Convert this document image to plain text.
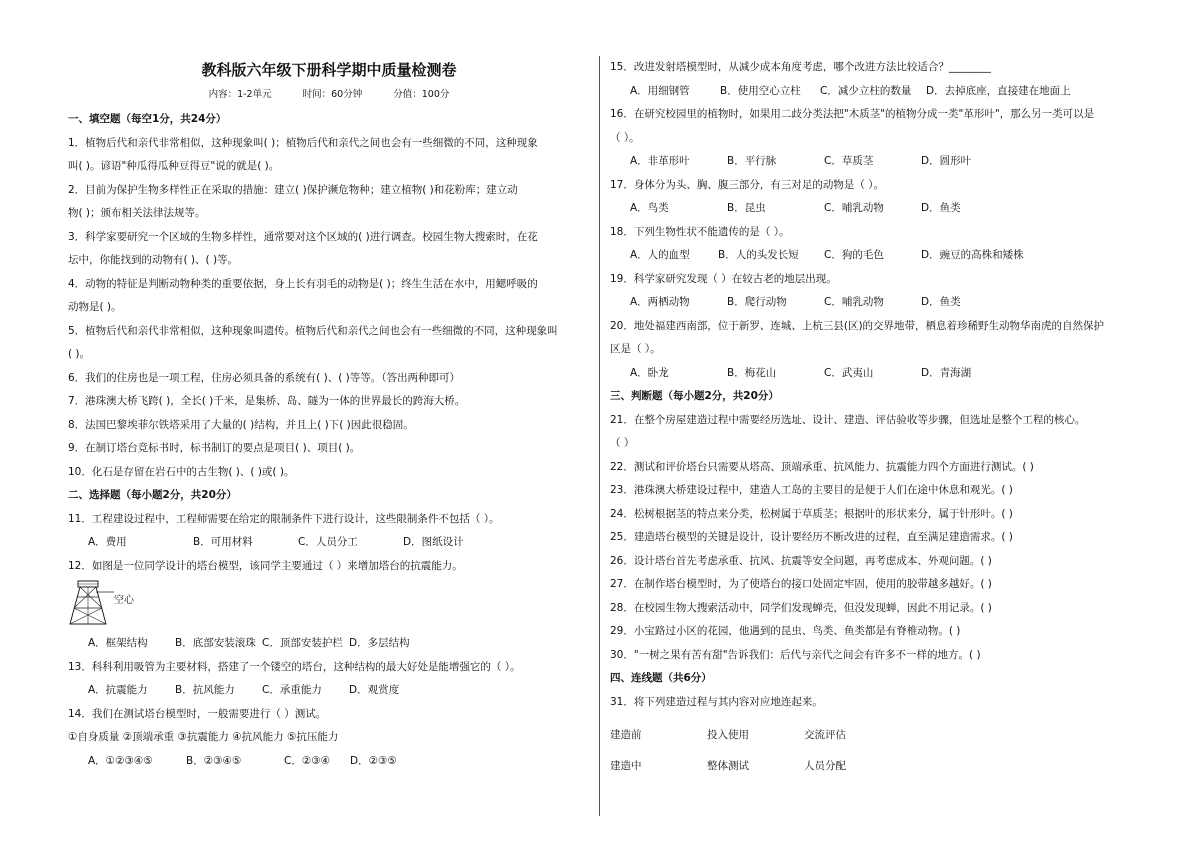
教科版六年级下册科学期中质量检测卷
内容：1-2单元	时间：60分钟	分值：100分
一、填空题（每空1分，共24分）
1．植物后代和亲代非常相似，这种现象叫( )；植物后代和亲代之间也会有一些细微的不同，这种现象
叫( )。谚语"种瓜得瓜种豆得豆"说的就是( )。
2．目前为保护生物多样性正在采取的措施：建立( )保护濒危物种；建立植物( )和花粉库；建立动
物( )；颁布相关法律法规等。
3．科学家要研究一个区域的生物多样性，通常要对这个区域的( )进行调查。校园生物大搜索时，在花
坛中，你能找到的动物有( )、( )等。
4．动物的特征是判断动物种类的重要依据，身上长有羽毛的动物是( )；终生生活在水中，用鳃呼吸的
动物是( )。
5．植物后代和亲代非常相似，这种现象叫遗传。植物后代和亲代之间也会有一些细微的不同，这种现象叫
( )。
6．我们的住房也是一项工程，住房必须具备的系统有( )、( )等等。（答出两种即可）
7．港珠澳大桥飞跨( )，全长( )千米，是集桥、岛、隧为一体的世界最长的跨海大桥。
8．法国巴黎埃菲尔铁塔采用了大量的( )结构，并且上( )下( )因此很稳固。
9．在制订塔台竞标书时，标书制订的要点是项目( )、项目( )。
10．化石是存留在岩石中的古生物( )、( )或( )。
二、选择题（每小题2分，共20分）
11．工程建设过程中，工程师需要在给定的限制条件下进行设计，这些限制条件不包括（ ）。
A．费用	B．可用材料	C．人员分工	D．图纸设计
12．如图是一位同学设计的塔台模型，该同学主要通过（ ）来增加塔台的抗震能力。
空心
A．框架结构	B．底部安装滚珠 C．顶部安装护栏 D．多层结构
13．科科利用吸管为主要材料，搭建了一个镂空的塔台，这种结构的最大好处是能增强它的（ ）。
A．抗震能力	B．抗风能力	C．承重能力	D．观赏度
14．我们在测试塔台模型时，一般需要进行（ ）测试。
①自身质量 ②顶端承重 ③抗震能力 ④抗风能力 ⑤抗压能力
A．①②③④⑤	B．②③④⑤	C．②③④	D．②③⑤
15．改进发射塔模型时，从减少成本角度考虑，哪个改进方法比较适合？________
A．用细钢管	B．使用空心立柱	C．减少立柱的数量	D．去掉底座，直接建在地面上
16．在研究校园里的植物时，如果用二歧分类法把"木质茎"的植物分成一类"革形叶"，那么另一类可以是
（ ）。
A．非革形叶	B．平行脉	C．草质茎	D．圆形叶
17．身体分为头、胸、腹三部分，有三对足的动物是（ ）。
A．鸟类	B．昆虫	C．哺乳动物	D．鱼类
18．下列生物性状不能遗传的是（ ）。
A．人的血型	B．人的头发长短	C．狗的毛色	D．豌豆的高株和矮株
19．科学家研究发现（ ）在较古老的地层出现。
A．两栖动物	B．爬行动物	C．哺乳动物	D．鱼类
20．地处福建西南部，位于新罗、连城、上杭三县(区)的交界地带，栖息着珍稀野生动物华南虎的自然保护
区是（ ）。
A．卧龙	B．梅花山	C．武夷山	D．青海湖
三、判断题（每小题2分，共20分）
21．在整个房屋建造过程中需要经历选址、设计、建造、评估验收等步骤，但选址是整个工程的核心。
（ ）
22．测试和评价塔台只需要从塔高、顶端承重、抗风能力、抗震能力四个方面进行测试。( )
23．港珠澳大桥建设过程中，建造人工岛的主要目的是便于人们在途中休息和观光。( )
24．松树根据茎的特点来分类，松树属于草质茎；根据叶的形状来分，属于针形叶。( )
25．建造塔台模型的关键是设计，设计要经历不断改进的过程，直至满足建造需求。( )
26．设计塔台首先考虑承重、抗风、抗震等安全问题，再考虑成本、外观问题。( )
27．在制作塔台模型时，为了使塔台的接口处固定牢固，使用的胶带越多越好。( )
28．在校园生物大搜索活动中，同学们发现蝉壳，但没发现蝉，因此不用记录。( )
29．小宝路过小区的花园，他遇到的昆虫、鸟类、鱼类都是有脊椎动物。( )
30．"一树之果有苦有甜"告诉我们：后代与亲代之间会有许多不一样的地方。( )
四、连线题（共6分）
31．将下列建造过程与其内容对应地连起来。
建造前	投入使用	交流评估
建造中	整体测试	人员分配
